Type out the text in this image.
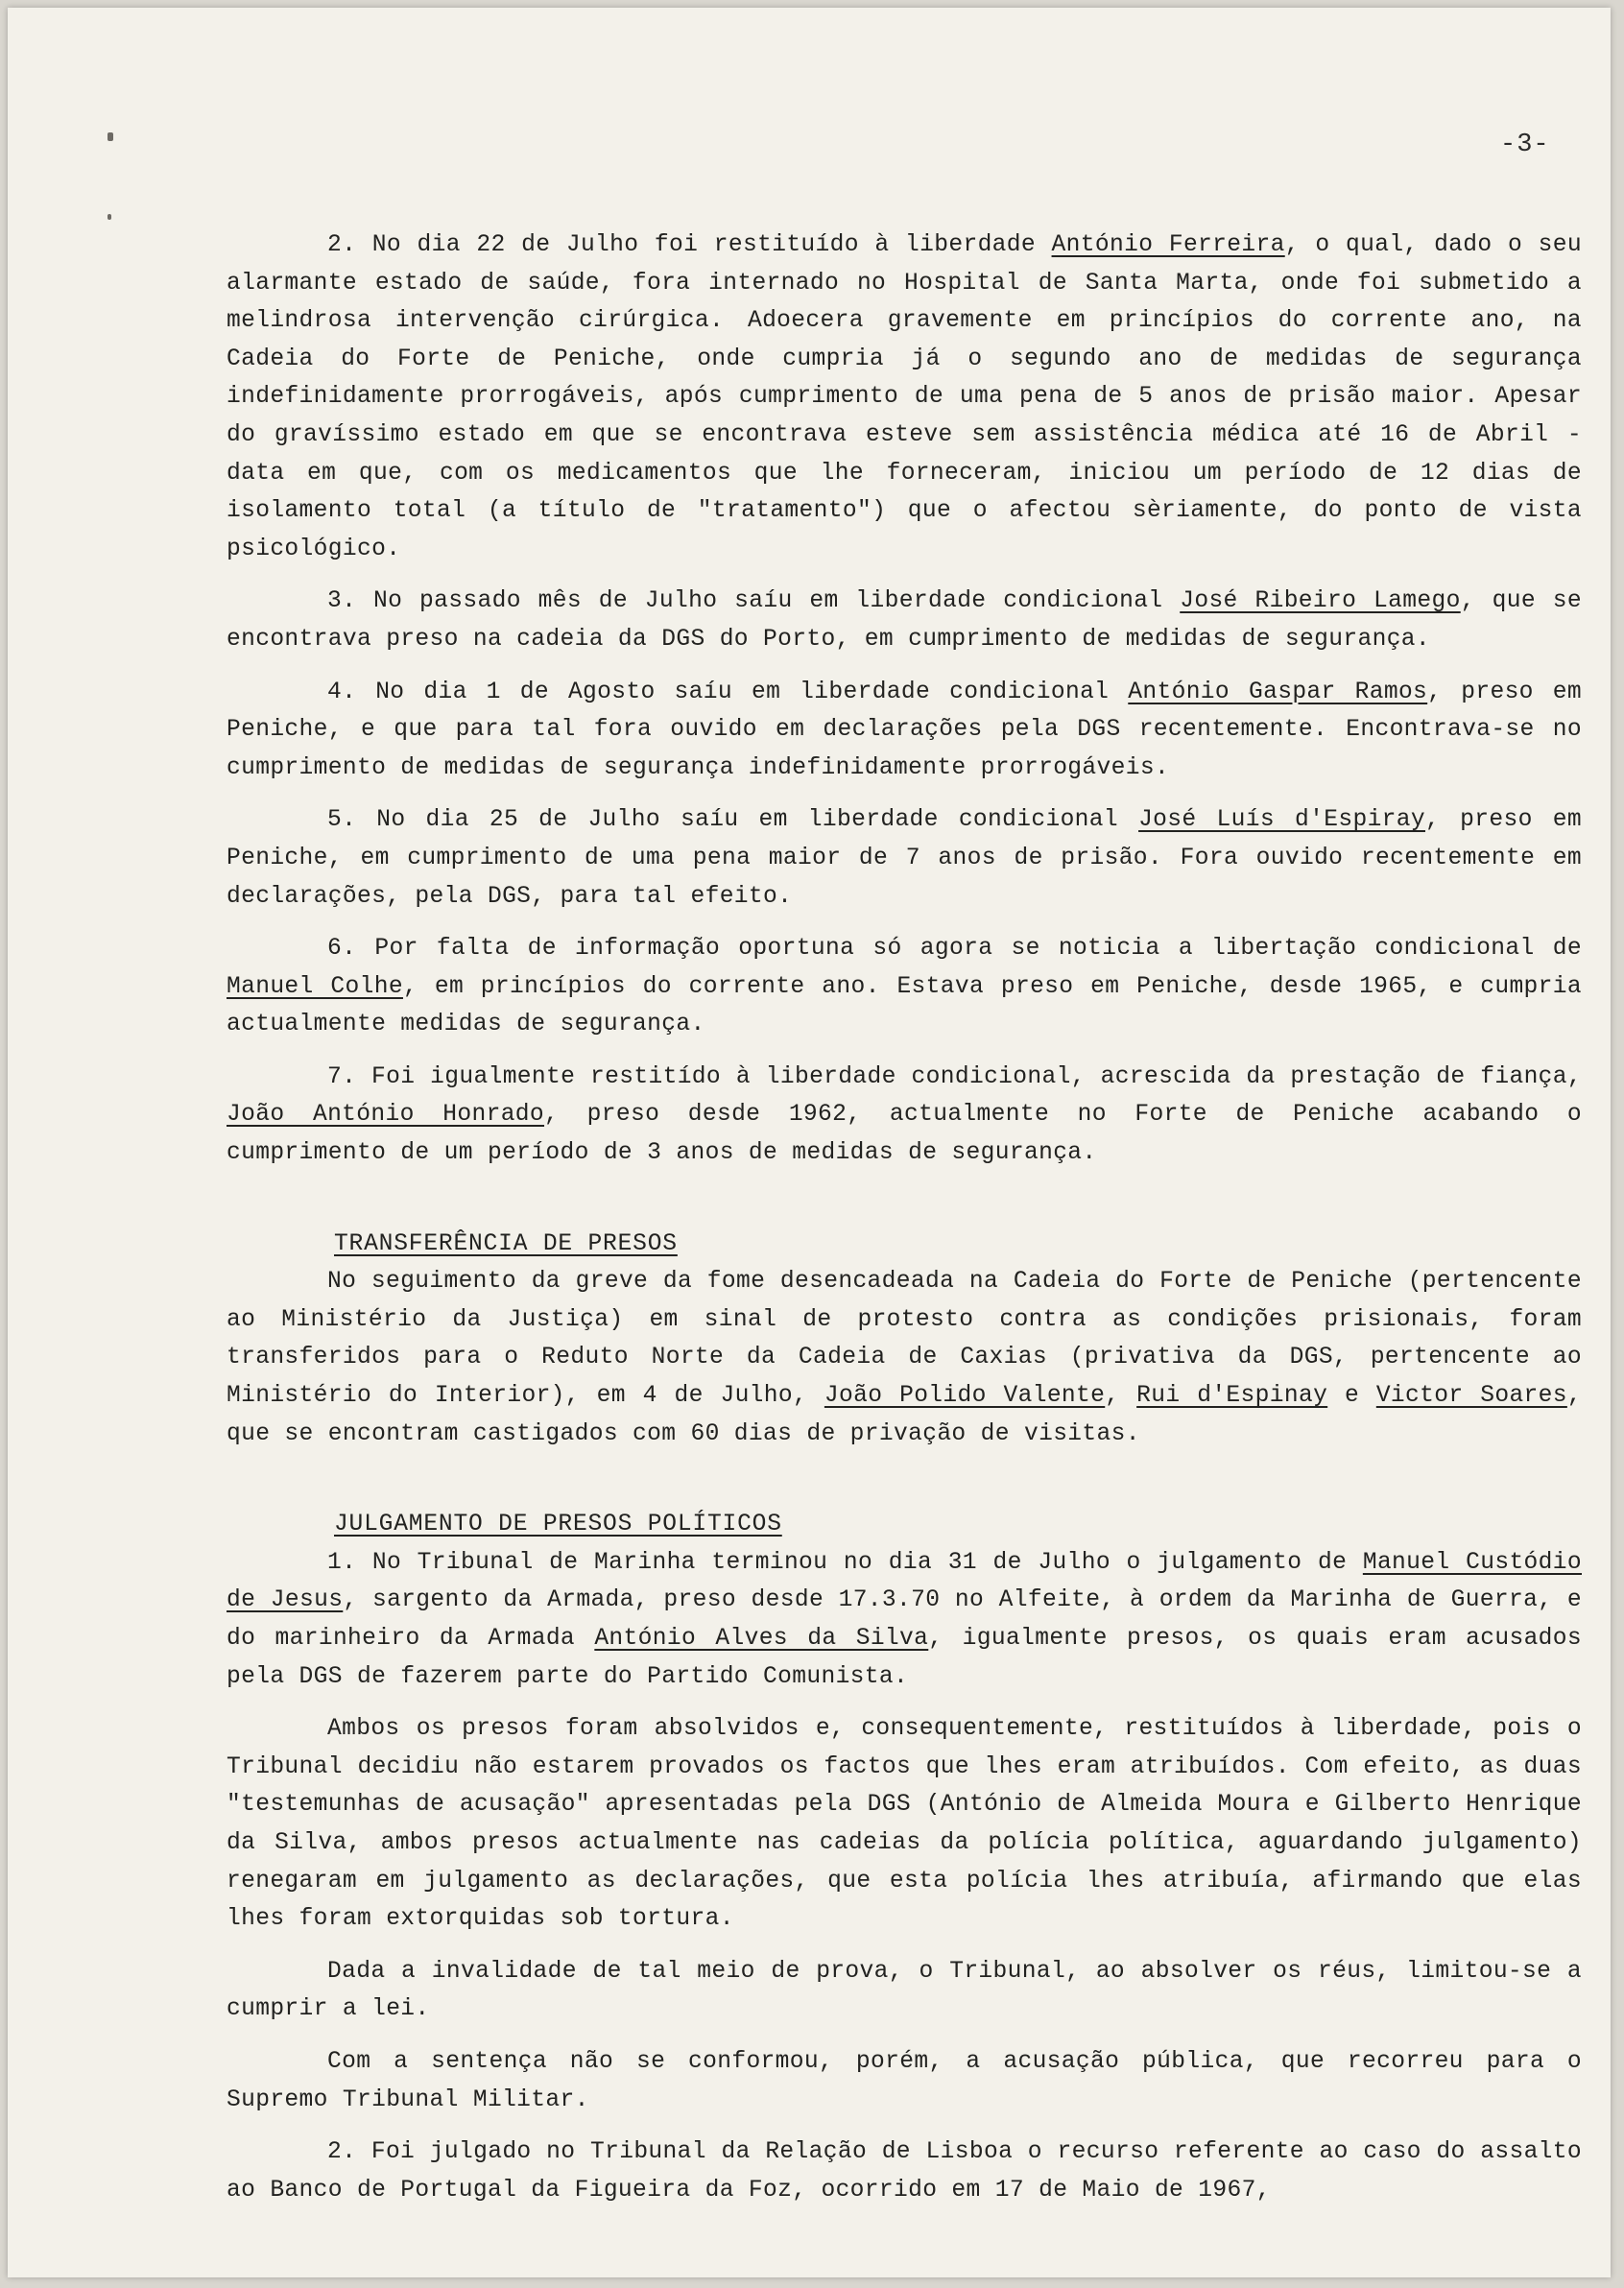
-3-

2. No dia 22 de Julho foi restituído à liberdade António Ferreira, o qual, dado o seu alarmante estado de saúde, fora internado no Hospital de Santa Marta, onde foi submetido a melindrosa intervenção cirúrgica. Adoecera gravemente em princípios do corrente ano, na Cadeia do Forte de Peniche, onde cumpria já o segundo ano de medidas de segurança indefinidamente prorrogáveis, após cumprimento de uma pena de 5 anos de prisão maior. Apesar do gravíssimo estado em que se encontrava esteve sem assistência médica até 16 de Abril - data em que, com os medicamentos que lhe forneceram, iniciou um período de 12 dias de isolamento total (a título de "tratamento") que o afectou sèriamente, do ponto de vista psicológico.

3. No passado mês de Julho saíu em liberdade condicional José Ribeiro Lamego, que se encontrava preso na cadeia da DGS do Porto, em cumprimento de medidas de segurança.

4. No dia 1 de Agosto saíu em liberdade condicional António Gaspar Ramos, preso em Peniche, e que para tal fora ouvido em declarações pela DGS recentemente. Encontrava-se no cumprimento de medidas de segurança indefinidamente prorrogáveis.

5. No dia 25 de Julho saíu em liberdade condicional José Luís d'Espiray, preso em Peniche, em cumprimento de uma pena maior de 7 anos de prisão. Fora ouvido recentemente em declarações, pela DGS, para tal efeito.

6. Por falta de informação oportuna só agora se noticia a libertação condicional de Manuel Colhe, em princípios do corrente ano. Estava preso em Peniche, desde 1965, e cumpria actualmente medidas de segurança.

7. Foi igualmente restitído à liberdade condicional, acrescida da prestação de fiança, João António Honrado, preso desde 1962, actualmente no Forte de Peniche acabando o cumprimento de um período de 3 anos de medidas de segurança.

TRANSFERÊNCIA DE PRESOS

No seguimento da greve da fome desencadeada na Cadeia do Forte de Peniche (pertencente ao Ministério da Justiça) em sinal de protesto contra as condições prisionais, foram transferidos para o Reduto Norte da Cadeia de Caxias (privativa da DGS, pertencente ao Ministério do Interior), em 4 de Julho, João Polido Valente, Rui d'Espinay e Victor Soares, que se encontram castigados com 60 dias de privação de visitas.

JULGAMENTO DE PRESOS POLÍTICOS

1. No Tribunal de Marinha terminou no dia 31 de Julho o julgamento de Manuel Custódio de Jesus, sargento da Armada, preso desde 17.3.70 no Alfeite, à ordem da Marinha de Guerra, e do marinheiro da Armada António Alves da Silva, igualmente presos, os quais eram acusados pela DGS de fazerem parte do Partido Comunista.

Ambos os presos foram absolvidos e, consequentemente, restituídos à liberdade, pois o Tribunal decidiu não estarem provados os factos que lhes eram atribuídos. Com efeito, as duas "testemunhas de acusação" apresentadas pela DGS (António de Almeida Moura e Gilberto Henrique da Silva, ambos presos actualmente nas cadeias da polícia política, aguardando julgamento) renegaram em julgamento as declarações, que esta polícia lhes atribuía, afirmando que elas lhes foram extorquidas sob tortura.

Dada a invalidade de tal meio de prova, o Tribunal, ao absolver os réus, limitou-se a cumprir a lei.

Com a sentença não se conformou, porém, a acusação pública, que recorreu para o Supremo Tribunal Militar.

2. Foi julgado no Tribunal da Relação de Lisboa o recurso referente ao caso do assalto ao Banco de Portugal da Figueira da Foz, ocorrido em 17 de Maio de 1967,
